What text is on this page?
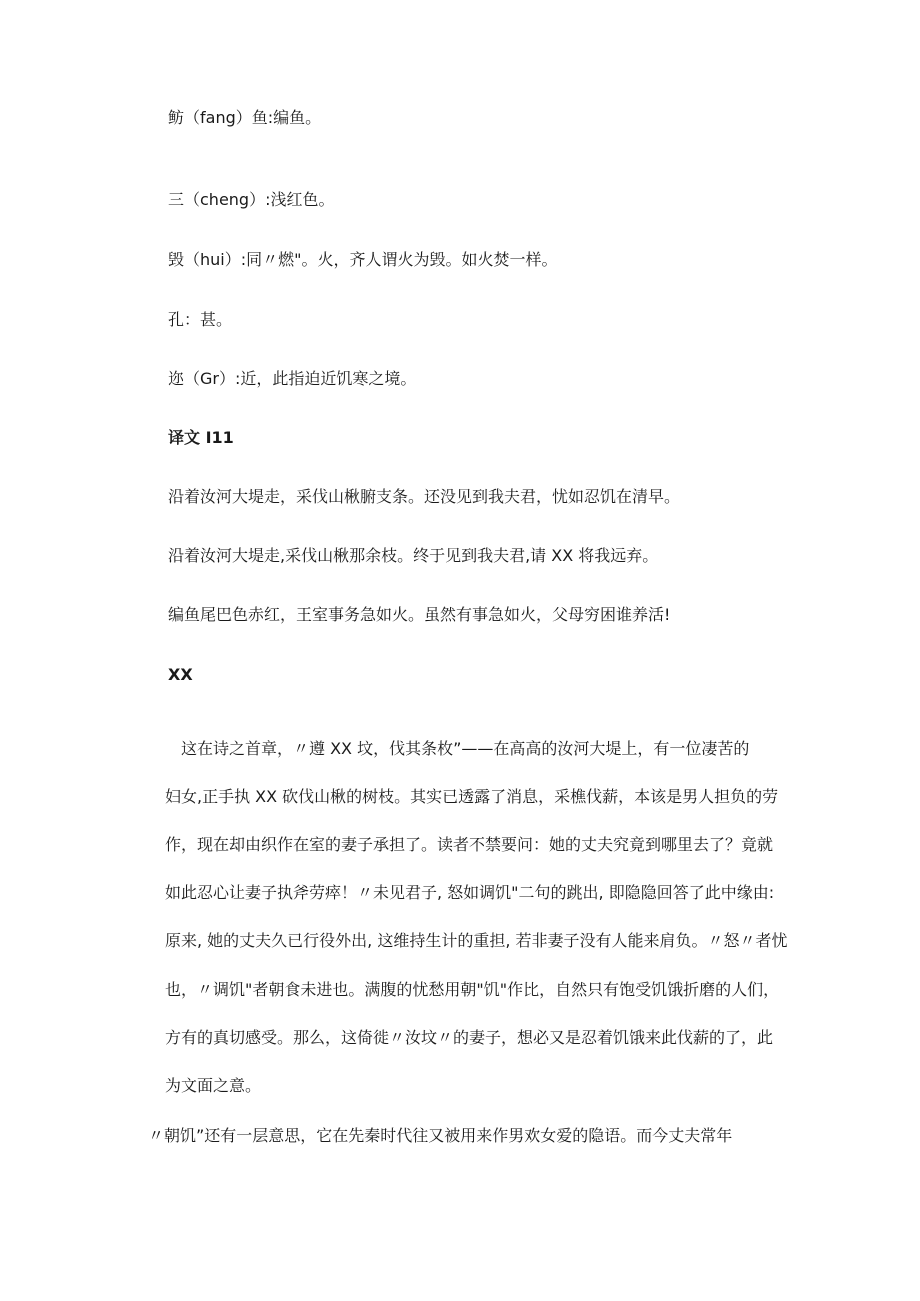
鲂（fang）鱼:编鱼。
三（cheng）:浅红色。
毁（hui）:同〃燃"。火，齐人谓火为毁。如火焚一样。
孔：甚。
迩（Gr）:近，此指迫近饥寒之境。
译文 I11
沿着汝河大堤走，采伐山楸腑支条。还没见到我夫君，忧如忍饥在清早。
沿着汝河大堤走,采伐山楸那余枝。终于见到我夫君,请 XX 将我远弃。
编鱼尾巴色赤红，王室事务急如火。虽然有事急如火，父母穷困谁养活!
XX
　这在诗之首章，〃遵 XX 坟，伐其条枚”——在高高的汝河大堤上，有一位凄苦的
妇女,正手执 XX 砍伐山楸的树枝。其实已透露了消息，采樵伐薪，本该是男人担负的劳
作，现在却由织作在室的妻子承担了。读者不禁要问：她的丈夫究竟到哪里去了？竟就
如此忍心让妻子执斧劳瘁！〃未见君子, 怒如调饥"二句的跳出, 即隐隐回答了此中缘由:
原来, 她的丈夫久已行役外出, 这维持生计的重担, 若非妻子没有人能来肩负。〃怒〃者忧
也，〃调饥"者朝食未进也。满腹的忧愁用朝"饥"作比，自然只有饱受饥饿折磨的人们，
方有的真切感受。那么，这倚徙〃汝坟〃的妻子，想必又是忍着饥饿来此伐薪的了，此
为文面之意。
〃朝饥”还有一层意思，它在先秦时代往又被用来作男欢女爱的隐语。而今丈夫常年
